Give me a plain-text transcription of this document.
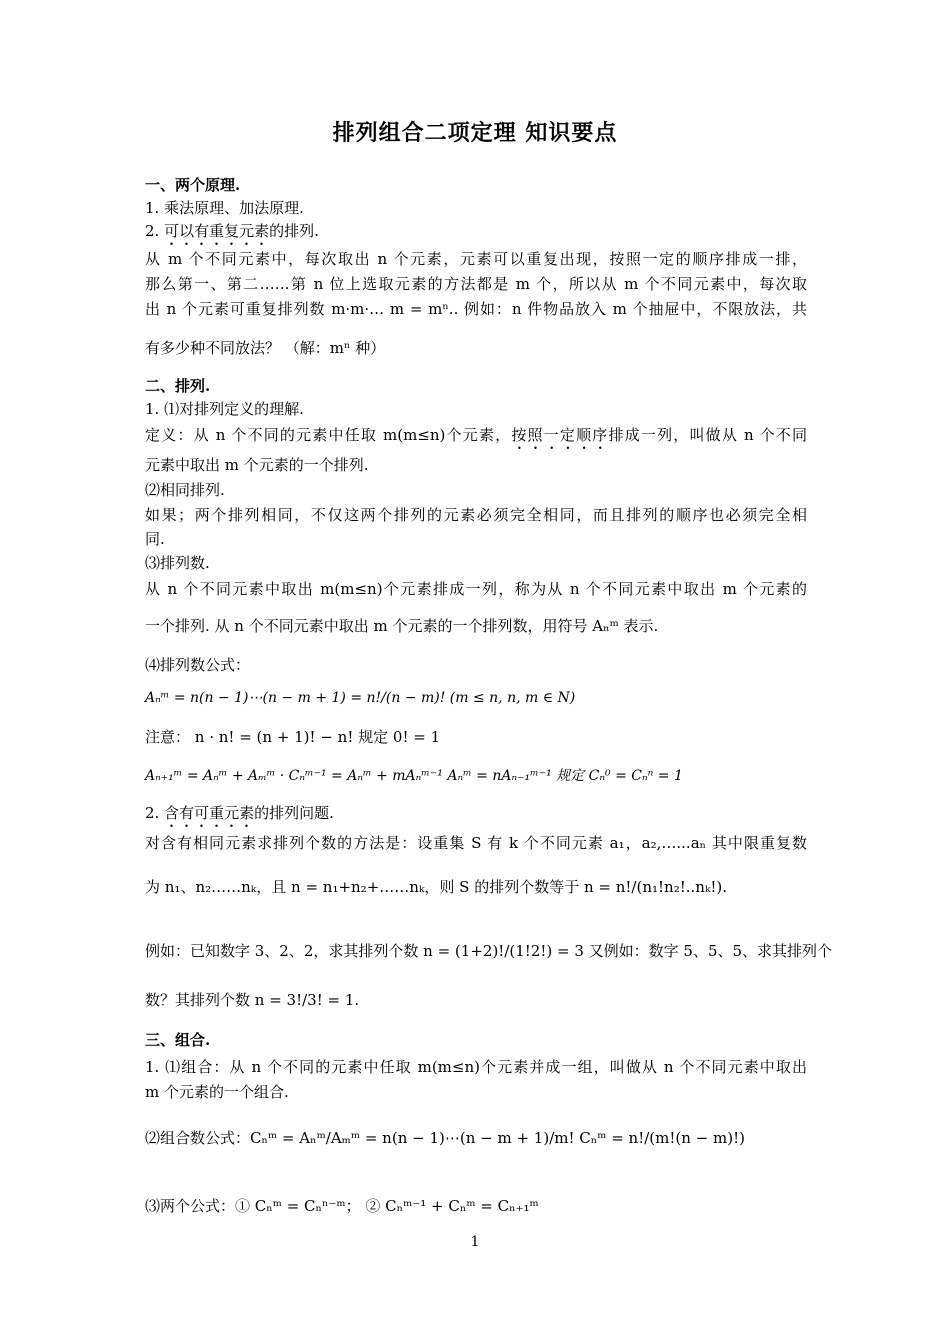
排列组合二项定理 知识要点
一、两个原理.
1. 乘法原理、加法原理.
2. 可以有重复元素的排列.
从 m 个不同元素中，每次取出 n 个元素，元素可以重复出现，按照一定的顺序排成一排，
那么第一、第二……第 n 位上选取元素的方法都是 m 个，所以从 m 个不同元素中，每次取
出 n 个元素可重复排列数 m·m·… m = mⁿ.. 例如：n 件物品放入 m 个抽屉中，不限放法，共
有多少种不同放法？ （解：mⁿ 种）
二、排列.
1. ⑴对排列定义的理解.
定义：从 n 个不同的元素中任取 m(m≤n)个元素，按照一定顺序排成一列，叫做从 n 个不同
元素中取出 m 个元素的一个排列.
⑵相同排列.
如果；两个排列相同，不仅这两个排列的元素必须完全相同，而且排列的顺序也必须完全相
同.
⑶排列数.
从 n 个不同元素中取出 m(m≤n)个元素排成一列，称为从 n 个不同元素中取出 m 个元素的
一个排列. 从 n 个不同元素中取出 m 个元素的一个排列数，用符号 Aₙᵐ 表示.
⑷排列数公式：
Aₙᵐ = n(n − 1)⋯(n − m + 1) = n!/(n − m)! (m ≤ n, n, m ∈ N)
注意： n · n! = (n + 1)! − n! 规定 0! = 1
Aₙ₊₁ᵐ = Aₙᵐ + Aₘᵐ · Cₙᵐ⁻¹ = Aₙᵐ + mAₙᵐ⁻¹ Aₙᵐ = nAₙ₋₁ᵐ⁻¹ 规定 Cₙ⁰ = Cₙⁿ = 1
2. 含有可重元素的排列问题.
对含有相同元素求排列个数的方法是：设重集 S 有 k 个不同元素 a₁，a₂,…...aₙ 其中限重复数
为 n₁、n₂……nₖ，且 n = n₁+n₂+……nₖ，则 S 的排列个数等于 n = n!/(n₁!n₂!..nₖ!).
例如：已知数字 3、2、2，求其排列个数 n = (1+2)!/(1!2!) = 3 又例如：数字 5、5、5、求其排列个
数？其排列个数 n = 3!/3! = 1.
三、组合.
1. ⑴组合：从 n 个不同的元素中任取 m(m≤n)个元素并成一组，叫做从 n 个不同元素中取出
m 个元素的一个组合.
⑵组合数公式：Cₙᵐ = Aₙᵐ/Aₘᵐ = n(n − 1)⋯(n − m + 1)/m! Cₙᵐ = n!/(m!(n − m)!)
⑶两个公式：① Cₙᵐ = Cₙⁿ⁻ᵐ； ② Cₙᵐ⁻¹ + Cₙᵐ = Cₙ₊₁ᵐ
1
